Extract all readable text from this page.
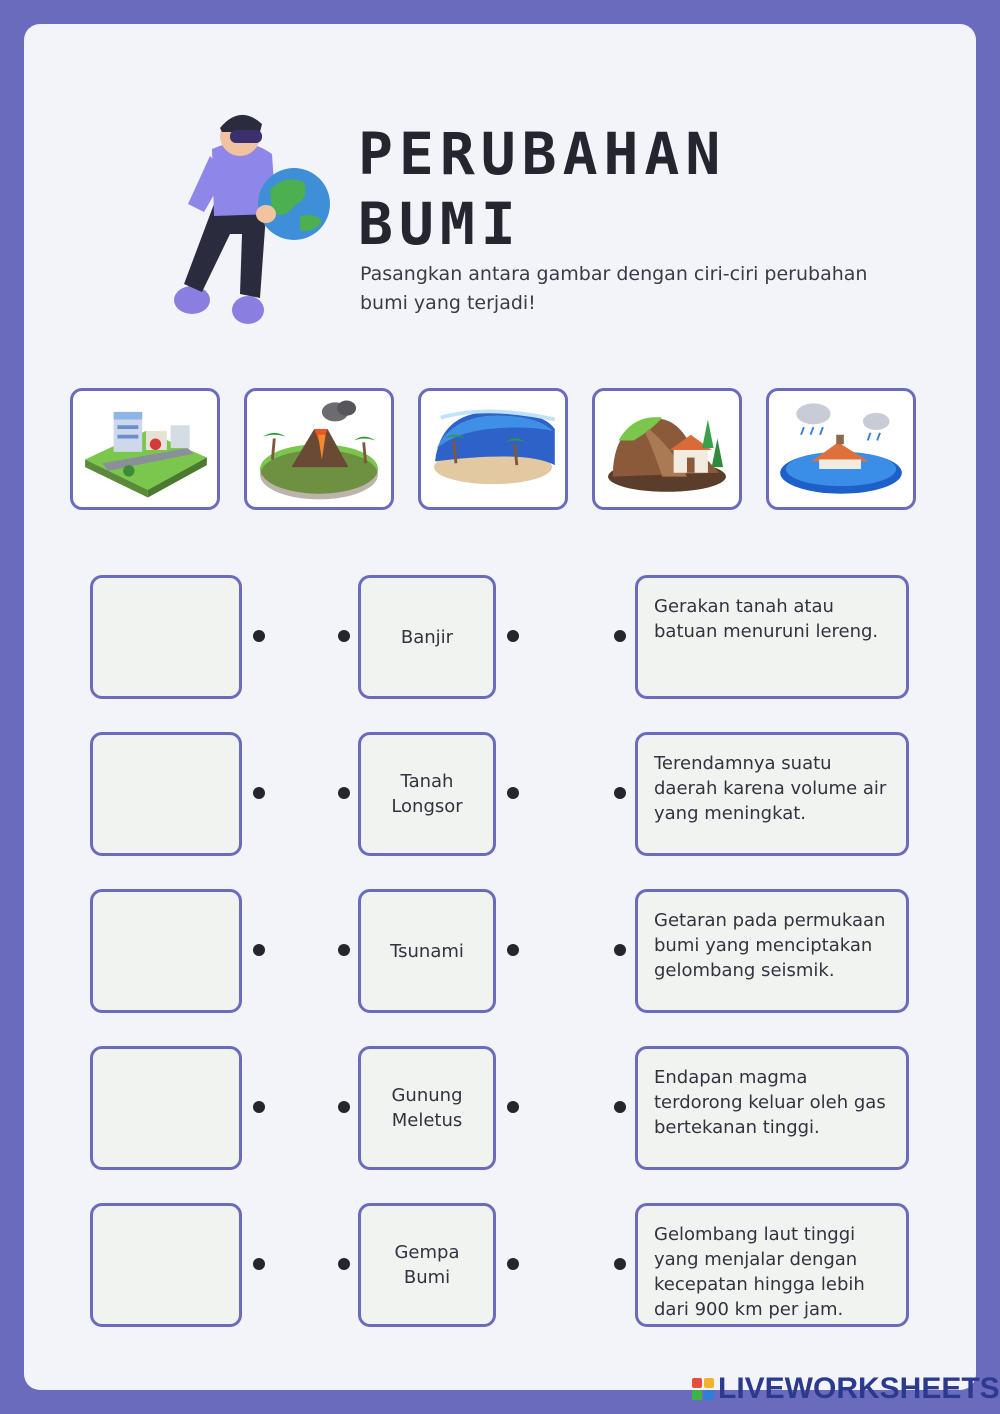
PERUBAHAN
BUMI
Pasangkan antara gambar dengan ciri-ciri perubahan bumi yang terjadi!
Banjir
Gerakan tanah atau batuan menuruni lereng.
Tanah Longsor
Terendamnya suatu daerah karena volume air yang meningkat.
Tsunami
Getaran pada permukaan bumi yang menciptakan gelombang seismik.
Gunung Meletus
Endapan magma terdorong keluar oleh gas bertekanan tinggi.
Gempa Bumi
Gelombang laut tinggi yang menjalar dengan kecepatan hingga lebih dari 900 km per jam.
LIVEWORKSHEETS
